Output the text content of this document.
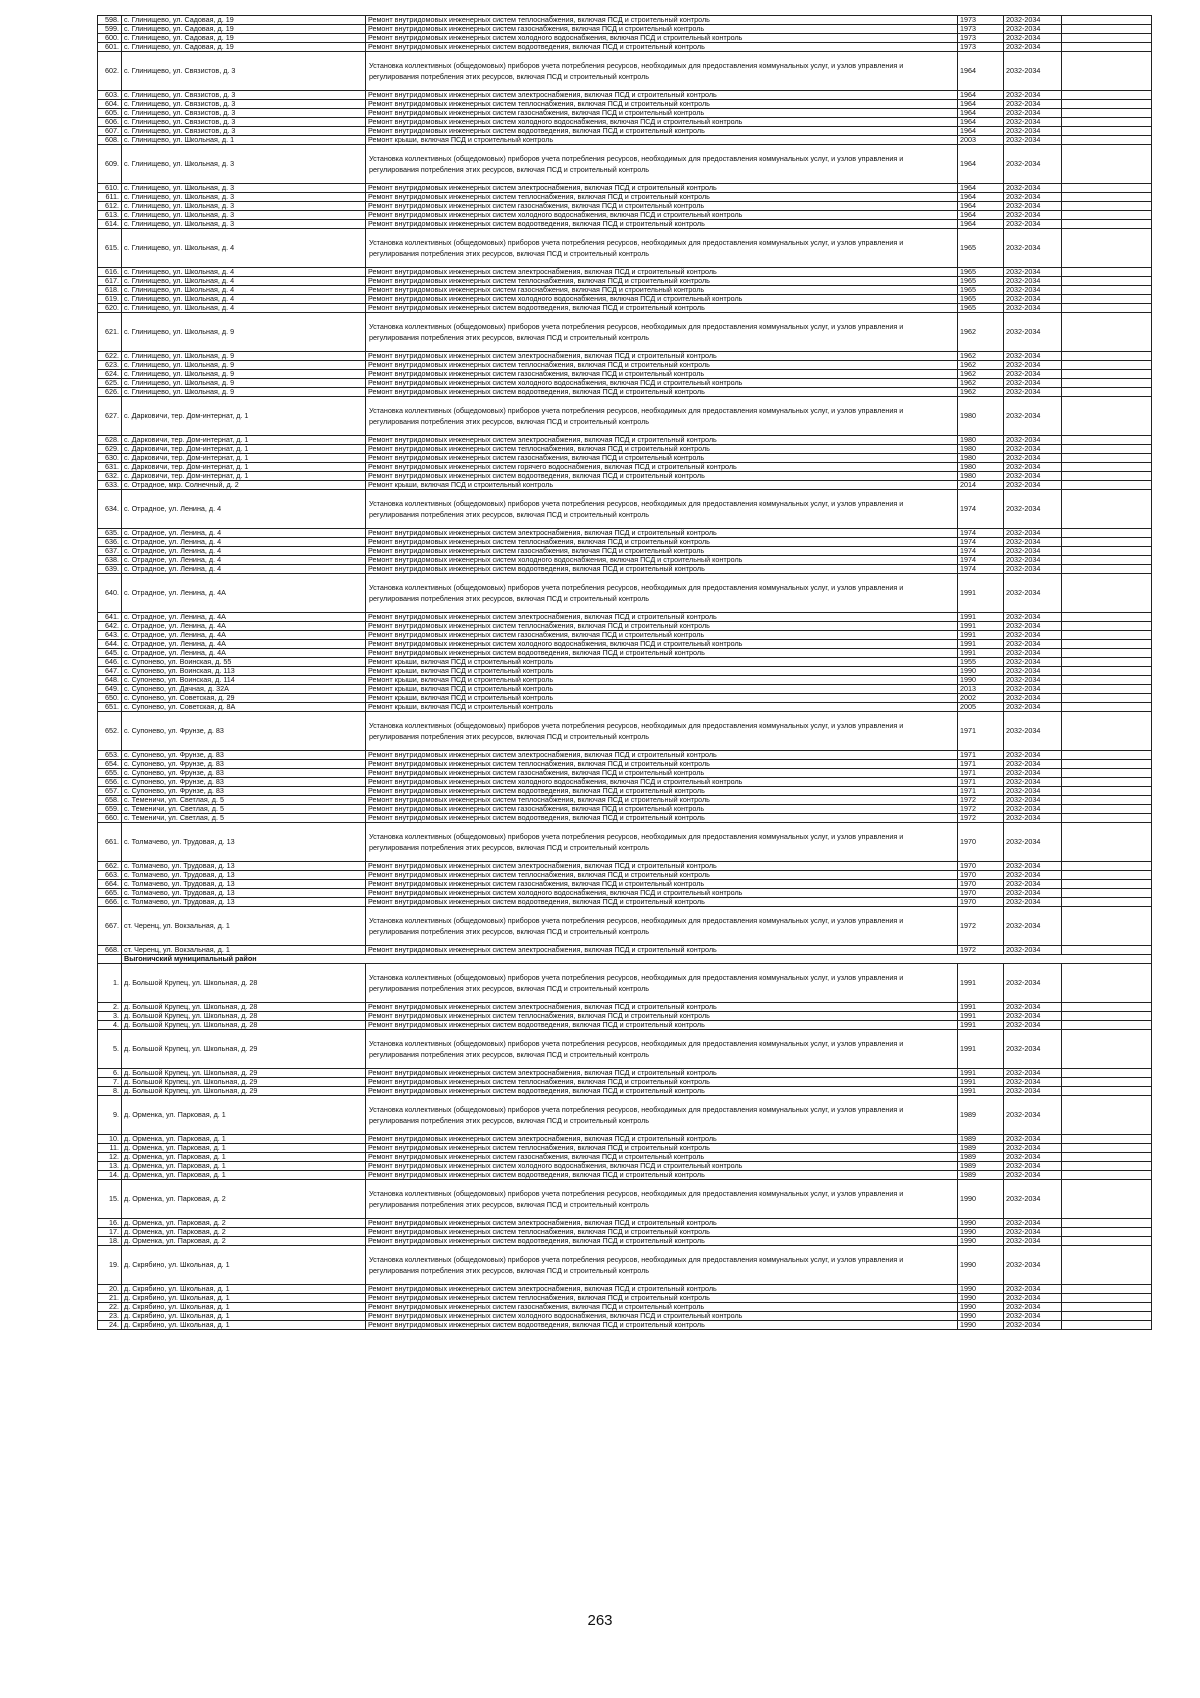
598.	с. Глинищево, ул. Садовая, д. 19	Ремонт внутридомовых инженерных систем теплоснабжения, включая ПСД и строительный контроль	1973	2032-2034	
599.	с. Глинищево, ул. Садовая, д. 19	Ремонт внутридомовых инженерных систем газоснабжения, включая ПСД и строительный контроль	1973	2032-2034	
600.	с. Глинищево, ул. Садовая, д. 19	Ремонт внутридомовых инженерных систем холодного водоснабжения, включая ПСД и строительный контроль	1973	2032-2034	
601.	с. Глинищево, ул. Садовая, д. 19	Ремонт внутридомовых инженерных систем водоотведения, включая ПСД и строительный контроль	1973	2032-2034	
602.	с. Глинищево, ул. Связистов, д. 3	Установка коллективных (общедомовых) приборов учета потребления ресурсов, необходимых для предоставления коммунальных услуг, и узлов управления и регулирования потребления этих ресурсов, включая ПСД и строительный контроль	1964	2032-2034	
603.	с. Глинищево, ул. Связистов, д. 3	Ремонт внутридомовых инженерных систем электроснабжения, включая ПСД и строительный контроль	1964	2032-2034	
604.	с. Глинищево, ул. Связистов, д. 3	Ремонт внутридомовых инженерных систем теплоснабжения, включая ПСД и строительный контроль	1964	2032-2034	
605.	с. Глинищево, ул. Связистов, д. 3	Ремонт внутридомовых инженерных систем газоснабжения, включая ПСД и строительный контроль	1964	2032-2034	
606.	с. Глинищево, ул. Связистов, д. 3	Ремонт внутридомовых инженерных систем холодного водоснабжения, включая ПСД и строительный контроль	1964	2032-2034	
607.	с. Глинищево, ул. Связистов, д. 3	Ремонт внутридомовых инженерных систем водоотведения, включая ПСД и строительный контроль	1964	2032-2034	
608.	с. Глинищево, ул. Школьная, д. 1	Ремонт крыши, включая ПСД и строительный контроль	2003	2032-2034	
609.	с. Глинищево, ул. Школьная, д. 3	Установка коллективных (общедомовых) приборов учета потребления ресурсов, необходимых для предоставления коммунальных услуг, и узлов управления и регулирования потребления этих ресурсов, включая ПСД и строительный контроль	1964	2032-2034	
610.	с. Глинищево, ул. Школьная, д. 3	Ремонт внутридомовых инженерных систем электроснабжения, включая ПСД и строительный контроль	1964	2032-2034	
611.	с. Глинищево, ул. Школьная, д. 3	Ремонт внутридомовых инженерных систем теплоснабжения, включая ПСД и строительный контроль	1964	2032-2034	
612.	с. Глинищево, ул. Школьная, д. 3	Ремонт внутридомовых инженерных систем газоснабжения, включая ПСД и строительный контроль	1964	2032-2034	
613.	с. Глинищево, ул. Школьная, д. 3	Ремонт внутридомовых инженерных систем холодного водоснабжения, включая ПСД и строительный контроль	1964	2032-2034	
614.	с. Глинищево, ул. Школьная, д. 3	Ремонт внутридомовых инженерных систем водоотведения, включая ПСД и строительный контроль	1964	2032-2034	
615.	с. Глинищево, ул. Школьная, д. 4	Установка коллективных (общедомовых) приборов учета потребления ресурсов, необходимых для предоставления коммунальных услуг, и узлов управления и регулирования потребления этих ресурсов, включая ПСД и строительный контроль	1965	2032-2034	
616.	с. Глинищево, ул. Школьная, д. 4	Ремонт внутридомовых инженерных систем электроснабжения, включая ПСД и строительный контроль	1965	2032-2034	
617.	с. Глинищево, ул. Школьная, д. 4	Ремонт внутридомовых инженерных систем теплоснабжения, включая ПСД и строительный контроль	1965	2032-2034	
618.	с. Глинищево, ул. Школьная, д. 4	Ремонт внутридомовых инженерных систем газоснабжения, включая ПСД и строительный контроль	1965	2032-2034	
619.	с. Глинищево, ул. Школьная, д. 4	Ремонт внутридомовых инженерных систем холодного водоснабжения, включая ПСД и строительный контроль	1965	2032-2034	
620.	с. Глинищево, ул. Школьная, д. 4	Ремонт внутридомовых инженерных систем водоотведения, включая ПСД и строительный контроль	1965	2032-2034	
621.	с. Глинищево, ул. Школьная, д. 9	Установка коллективных (общедомовых) приборов учета потребления ресурсов, необходимых для предоставления коммунальных услуг, и узлов управления и регулирования потребления этих ресурсов, включая ПСД и строительный контроль	1962	2032-2034	
622.	с. Глинищево, ул. Школьная, д. 9	Ремонт внутридомовых инженерных систем электроснабжения, включая ПСД и строительный контроль	1962	2032-2034	
623.	с. Глинищево, ул. Школьная, д. 9	Ремонт внутридомовых инженерных систем теплоснабжения, включая ПСД и строительный контроль	1962	2032-2034	
624.	с. Глинищево, ул. Школьная, д. 9	Ремонт внутридомовых инженерных систем газоснабжения, включая ПСД и строительный контроль	1962	2032-2034	
625.	с. Глинищево, ул. Школьная, д. 9	Ремонт внутридомовых инженерных систем холодного водоснабжения, включая ПСД и строительный контроль	1962	2032-2034	
626.	с. Глинищево, ул. Школьная, д. 9	Ремонт внутридомовых инженерных систем водоотведения, включая ПСД и строительный контроль	1962	2032-2034	
627.	с. Дарковичи, тер. Дом-интернат, д. 1	Установка коллективных (общедомовых) приборов учета потребления ресурсов, необходимых для предоставления коммунальных услуг, и узлов управления и регулирования потребления этих ресурсов, включая ПСД и строительный контроль	1980	2032-2034	
628.	с. Дарковичи, тер. Дом-интернат, д. 1	Ремонт внутридомовых инженерных систем электроснабжения, включая ПСД и строительный контроль	1980	2032-2034	
629.	с. Дарковичи, тер. Дом-интернат, д. 1	Ремонт внутридомовых инженерных систем теплоснабжения, включая ПСД и строительный контроль	1980	2032-2034	
630.	с. Дарковичи, тер. Дом-интернат, д. 1	Ремонт внутридомовых инженерных систем газоснабжения, включая ПСД и строительный контроль	1980	2032-2034	
631.	с. Дарковичи, тер. Дом-интернат, д. 1	Ремонт внутридомовых инженерных систем горячего водоснабжения, включая ПСД и строительный контроль	1980	2032-2034	
632.	с. Дарковичи, тер. Дом-интернат, д. 1	Ремонт внутридомовых инженерных систем водоотведения, включая ПСД и строительный контроль	1980	2032-2034	
633.	с. Отрадное, мкр. Солнечный, д. 2	Ремонт крыши, включая ПСД и строительный контроль	2014	2032-2034	
634.	с. Отрадное, ул. Ленина, д. 4	Установка коллективных (общедомовых) приборов учета потребления ресурсов, необходимых для предоставления коммунальных услуг, и узлов управления и регулирования потребления этих ресурсов, включая ПСД и строительный контроль	1974	2032-2034	
635.	с. Отрадное, ул. Ленина, д. 4	Ремонт внутридомовых инженерных систем электроснабжения, включая ПСД и строительный контроль	1974	2032-2034	
636.	с. Отрадное, ул. Ленина, д. 4	Ремонт внутридомовых инженерных систем теплоснабжения, включая ПСД и строительный контроль	1974	2032-2034	
637.	с. Отрадное, ул. Ленина, д. 4	Ремонт внутридомовых инженерных систем газоснабжения, включая ПСД и строительный контроль	1974	2032-2034	
638.	с. Отрадное, ул. Ленина, д. 4	Ремонт внутридомовых инженерных систем холодного водоснабжения, включая ПСД и строительный контроль	1974	2032-2034	
639.	с. Отрадное, ул. Ленина, д. 4	Ремонт внутридомовых инженерных систем водоотведения, включая ПСД и строительный контроль	1974	2032-2034	
640.	с. Отрадное, ул. Ленина, д. 4А	Установка коллективных (общедомовых) приборов учета потребления ресурсов, необходимых для предоставления коммунальных услуг, и узлов управления и регулирования потребления этих ресурсов, включая ПСД и строительный контроль	1991	2032-2034	
641.	с. Отрадное, ул. Ленина, д. 4А	Ремонт внутридомовых инженерных систем электроснабжения, включая ПСД и строительный контроль	1991	2032-2034	
642.	с. Отрадное, ул. Ленина, д. 4А	Ремонт внутридомовых инженерных систем теплоснабжения, включая ПСД и строительный контроль	1991	2032-2034	
643.	с. Отрадное, ул. Ленина, д. 4А	Ремонт внутридомовых инженерных систем газоснабжения, включая ПСД и строительный контроль	1991	2032-2034	
644.	с. Отрадное, ул. Ленина, д. 4А	Ремонт внутридомовых инженерных систем холодного водоснабжения, включая ПСД и строительный контроль	1991	2032-2034	
645.	с. Отрадное, ул. Ленина, д. 4А	Ремонт внутридомовых инженерных систем водоотведения, включая ПСД и строительный контроль	1991	2032-2034	
646.	с. Супонево, ул. Воинская, д. 55	Ремонт крыши, включая ПСД и строительный контроль	1955	2032-2034	
647.	с. Супонево, ул. Воинская, д. 113	Ремонт крыши, включая ПСД и строительный контроль	1990	2032-2034	
648.	с. Супонево, ул. Воинская, д. 114	Ремонт крыши, включая ПСД и строительный контроль	1990	2032-2034	
649.	с. Супонево, ул. Дачная, д. 32А	Ремонт крыши, включая ПСД и строительный контроль	2013	2032-2034	
650.	с. Супонево, ул. Советская, д. 29	Ремонт крыши, включая ПСД и строительный контроль	2002	2032-2034	
651.	с. Супонево, ул. Советская, д. 8А	Ремонт крыши, включая ПСД и строительный контроль	2005	2032-2034	
652.	с. Супонево, ул. Фрунзе, д. 83	Установка коллективных (общедомовых) приборов учета потребления ресурсов, необходимых для предоставления коммунальных услуг, и узлов управления и регулирования потребления этих ресурсов, включая ПСД и строительный контроль	1971	2032-2034	
653.	с. Супонево, ул. Фрунзе, д. 83	Ремонт внутридомовых инженерных систем электроснабжения, включая ПСД и строительный контроль	1971	2032-2034	
654.	с. Супонево, ул. Фрунзе, д. 83	Ремонт внутридомовых инженерных систем теплоснабжения, включая ПСД и строительный контроль	1971	2032-2034	
655.	с. Супонево, ул. Фрунзе, д. 83	Ремонт внутридомовых инженерных систем газоснабжения, включая ПСД и строительный контроль	1971	2032-2034	
656.	с. Супонево, ул. Фрунзе, д. 83	Ремонт внутридомовых инженерных систем холодного водоснабжения, включая ПСД и строительный контроль	1971	2032-2034	
657.	с. Супонево, ул. Фрунзе, д. 83	Ремонт внутридомовых инженерных систем водоотведения, включая ПСД и строительный контроль	1971	2032-2034	
658.	с. Теменичи, ул. Светлая, д. 5	Ремонт внутридомовых инженерных систем теплоснабжения, включая ПСД и строительный контроль	1972	2032-2034	
659.	с. Теменичи, ул. Светлая, д. 5	Ремонт внутридомовых инженерных систем газоснабжения, включая ПСД и строительный контроль	1972	2032-2034	
660.	с. Теменичи, ул. Светлая, д. 5	Ремонт внутридомовых инженерных систем водоотведения, включая ПСД и строительный контроль	1972	2032-2034	
661.	с. Толмачево, ул. Трудовая, д. 13	Установка коллективных (общедомовых) приборов учета потребления ресурсов, необходимых для предоставления коммунальных услуг, и узлов управления и регулирования потребления этих ресурсов, включая ПСД и строительный контроль	1970	2032-2034	
662.	с. Толмачево, ул. Трудовая, д. 13	Ремонт внутридомовых инженерных систем электроснабжения, включая ПСД и строительный контроль	1970	2032-2034	
663.	с. Толмачево, ул. Трудовая, д. 13	Ремонт внутридомовых инженерных систем теплоснабжения, включая ПСД и строительный контроль	1970	2032-2034	
664.	с. Толмачево, ул. Трудовая, д. 13	Ремонт внутридомовых инженерных систем газоснабжения, включая ПСД и строительный контроль	1970	2032-2034	
665.	с. Толмачево, ул. Трудовая, д. 13	Ремонт внутридомовых инженерных систем холодного водоснабжения, включая ПСД и строительный контроль	1970	2032-2034	
666.	с. Толмачево, ул. Трудовая, д. 13	Ремонт внутридомовых инженерных систем водоотведения, включая ПСД и строительный контроль	1970	2032-2034	
667.	ст. Черенц, ул. Вокзальная, д. 1	Установка коллективных (общедомовых) приборов учета потребления ресурсов, необходимых для предоставления коммунальных услуг, и узлов управления и регулирования потребления этих ресурсов, включая ПСД и строительный контроль	1972	2032-2034	
668.	ст. Черенц, ул. Вокзальная, д. 1	Ремонт внутридомовых инженерных систем электроснабжения, включая ПСД и строительный контроль	1972	2032-2034	
	Выгоничский муниципальный район				
1.	д. Большой Крупец, ул. Школьная, д. 28	Установка коллективных (общедомовых) приборов учета потребления ресурсов, необходимых для предоставления коммунальных услуг, и узлов управления и регулирования потребления этих ресурсов, включая ПСД и строительный контроль	1991	2032-2034	
2.	д. Большой Крупец, ул. Школьная, д. 28	Ремонт внутридомовых инженерных систем электроснабжения, включая ПСД и строительный контроль	1991	2032-2034	
3.	д. Большой Крупец, ул. Школьная, д. 28	Ремонт внутридомовых инженерных систем теплоснабжения, включая ПСД и строительный контроль	1991	2032-2034	
4.	д. Большой Крупец, ул. Школьная, д. 28	Ремонт внутридомовых инженерных систем водоотведения, включая ПСД и строительный контроль	1991	2032-2034	
5.	д. Большой Крупец, ул. Школьная, д. 29	Установка коллективных (общедомовых) приборов учета потребления ресурсов, необходимых для предоставления коммунальных услуг, и узлов управления и регулирования потребления этих ресурсов, включая ПСД и строительный контроль	1991	2032-2034	
6.	д. Большой Крупец, ул. Школьная, д. 29	Ремонт внутридомовых инженерных систем электроснабжения, включая ПСД и строительный контроль	1991	2032-2034	
7.	д. Большой Крупец, ул. Школьная, д. 29	Ремонт внутридомовых инженерных систем теплоснабжения, включая ПСД и строительный контроль	1991	2032-2034	
8.	д. Большой Крупец, ул. Школьная, д. 29	Ремонт внутридомовых инженерных систем водоотведения, включая ПСД и строительный контроль	1991	2032-2034	
9.	д. Орменка, ул. Парковая, д. 1	Установка коллективных (общедомовых) приборов учета потребления ресурсов, необходимых для предоставления коммунальных услуг, и узлов управления и регулирования потребления этих ресурсов, включая ПСД и строительный контроль	1989	2032-2034	
10.	д. Орменка, ул. Парковая, д. 1	Ремонт внутридомовых инженерных систем электроснабжения, включая ПСД и строительный контроль	1989	2032-2034	
11.	д. Орменка, ул. Парковая, д. 1	Ремонт внутридомовых инженерных систем теплоснабжения, включая ПСД и строительный контроль	1989	2032-2034	
12.	д. Орменка, ул. Парковая, д. 1	Ремонт внутридомовых инженерных систем газоснабжения, включая ПСД и строительный контроль	1989	2032-2034	
13.	д. Орменка, ул. Парковая, д. 1	Ремонт внутридомовых инженерных систем холодного водоснабжения, включая ПСД и строительный контроль	1989	2032-2034	
14.	д. Орменка, ул. Парковая, д. 1	Ремонт внутридомовых инженерных систем водоотведения, включая ПСД и строительный контроль	1989	2032-2034	
15.	д. Орменка, ул. Парковая, д. 2	Установка коллективных (общедомовых) приборов учета потребления ресурсов, необходимых для предоставления коммунальных услуг, и узлов управления и регулирования потребления этих ресурсов, включая ПСД и строительный контроль	1990	2032-2034	
16.	д. Орменка, ул. Парковая, д. 2	Ремонт внутридомовых инженерных систем электроснабжения, включая ПСД и строительный контроль	1990	2032-2034	
17.	д. Орменка, ул. Парковая, д. 2	Ремонт внутридомовых инженерных систем теплоснабжения, включая ПСД и строительный контроль	1990	2032-2034	
18.	д. Орменка, ул. Парковая, д. 2	Ремонт внутридомовых инженерных систем водоотведения, включая ПСД и строительный контроль	1990	2032-2034	
19.	д. Скрябино, ул. Школьная, д. 1	Установка коллективных (общедомовых) приборов учета потребления ресурсов, необходимых для предоставления коммунальных услуг, и узлов управления и регулирования потребления этих ресурсов, включая ПСД и строительный контроль	1990	2032-2034	
20.	д. Скрябино, ул. Школьная, д. 1	Ремонт внутридомовых инженерных систем электроснабжения, включая ПСД и строительный контроль	1990	2032-2034	
21.	д. Скрябино, ул. Школьная, д. 1	Ремонт внутридомовых инженерных систем теплоснабжения, включая ПСД и строительный контроль	1990	2032-2034	
22.	д. Скрябино, ул. Школьная, д. 1	Ремонт внутридомовых инженерных систем газоснабжения, включая ПСД и строительный контроль	1990	2032-2034	
23.	д. Скрябино, ул. Школьная, д. 1	Ремонт внутридомовых инженерных систем холодного водоснабжения, включая ПСД и строительный контроль	1990	2032-2034	
24.	д. Скрябино, ул. Школьная, д. 1	Ремонт внутридомовых инженерных систем водоотведения, включая ПСД и строительный контроль	1990	2032-2034	
263
